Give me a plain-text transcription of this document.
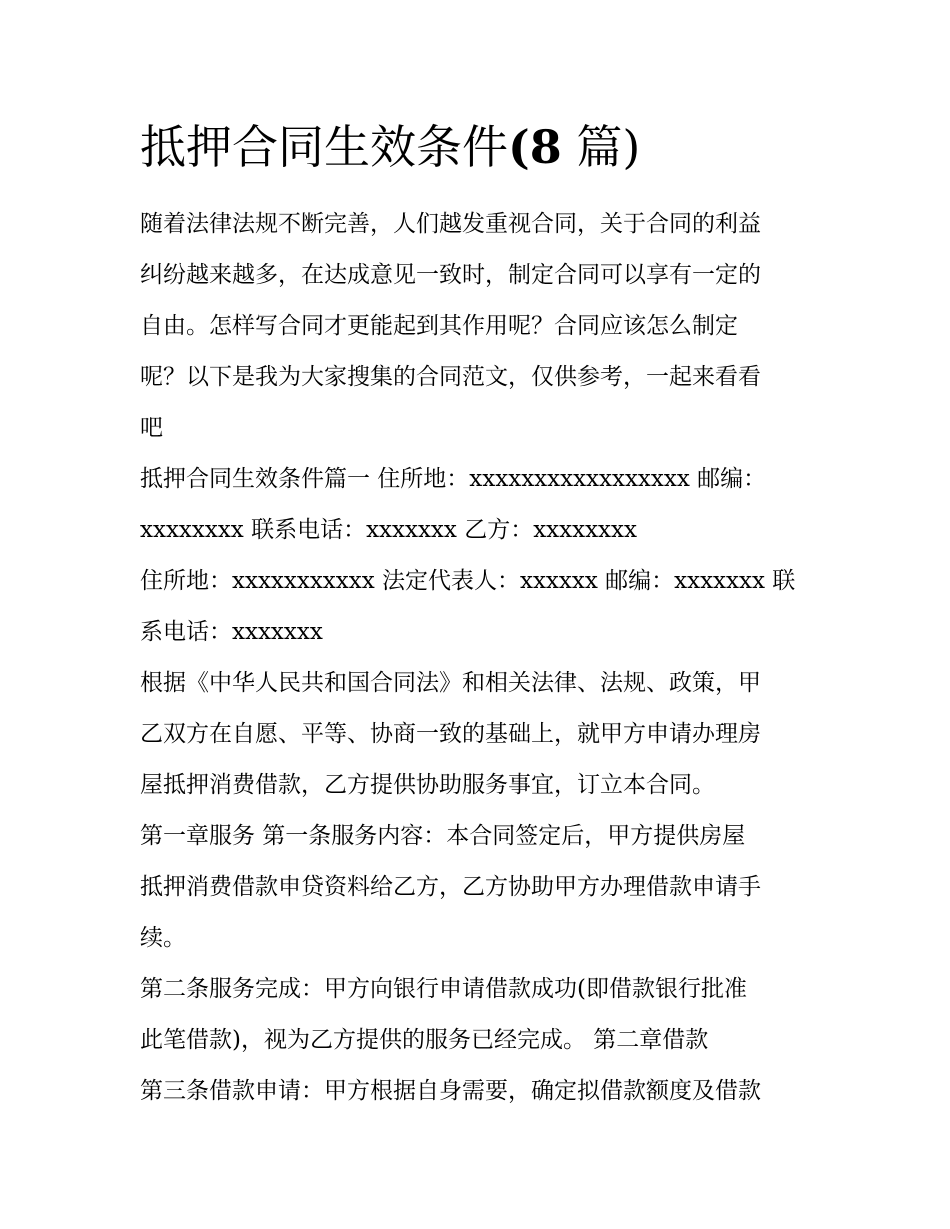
抵押合同生效条件(8 篇)
随着法律法规不断完善，人们越发重视合同，关于合同的利益
纠纷越来越多，在达成意见一致时，制定合同可以享有一定的
自由。怎样写合同才更能起到其作用呢？合同应该怎么制定
呢？以下是我为大家搜集的合同范文，仅供参考，一起来看看
吧
抵押合同生效条件篇一 住所地：xxxxxxxxxxxxxxxxx 邮编：
xxxxxxxx 联系电话：xxxxxxx 乙方：xxxxxxxx
住所地：xxxxxxxxxxx 法定代表人：xxxxxx 邮编：xxxxxxx 联
系电话：xxxxxxx
根据《中华人民共和国合同法》和相关法律、法规、政策，甲
乙双方在自愿、平等、协商一致的基础上，就甲方申请办理房
屋抵押消费借款，乙方提供协助服务事宜，订立本合同。
第一章服务 第一条服务内容：本合同签定后，甲方提供房屋
抵押消费借款申贷资料给乙方，乙方协助甲方办理借款申请手
续。
第二条服务完成：甲方向银行申请借款成功(即借款银行批准
此笔借款)，视为乙方提供的服务已经完成。 第二章借款
第三条借款申请：甲方根据自身需要，确定拟借款额度及借款
